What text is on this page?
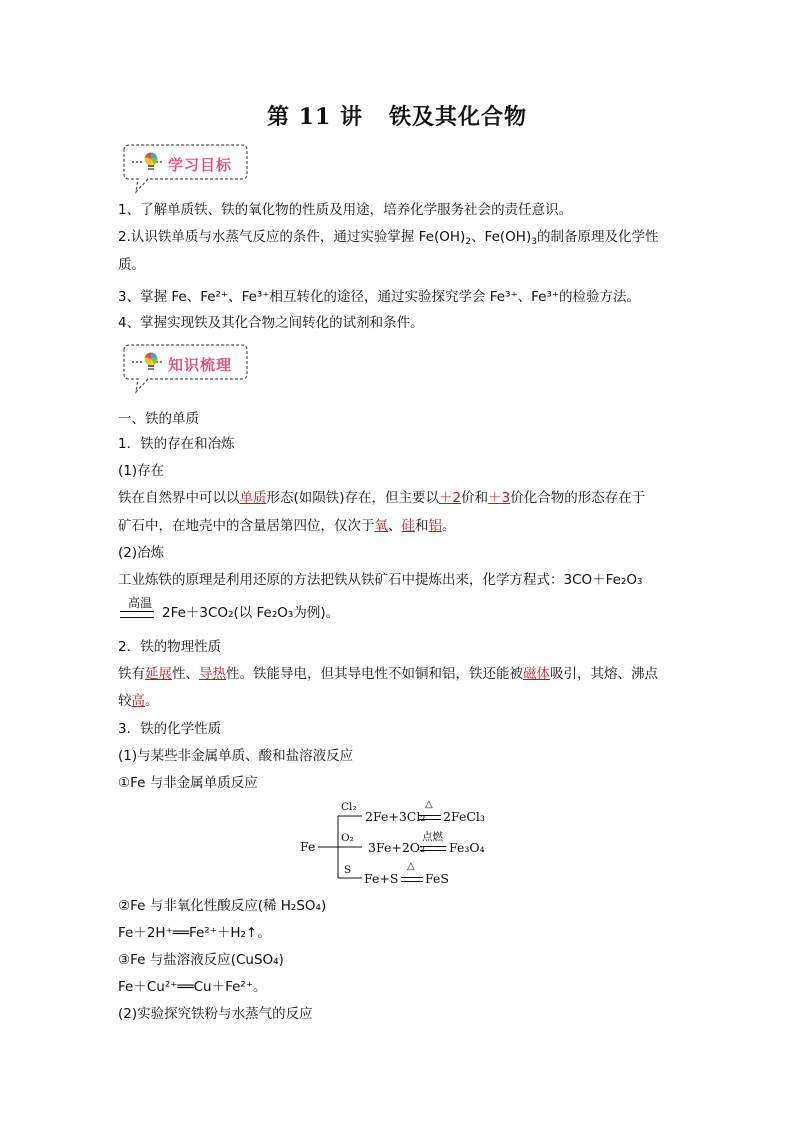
第 11 讲 铁及其化合物
学习目标
1、了解单质铁、铁的氧化物的性质及用途，培养化学服务社会的责任意识。
2.认识铁单质与水蒸气反应的条件，通过实验掌握 $Fe(OH)_2$、$Fe(OH)_3$的制备原理及化学性
质。
3、掌握 Fe、Fe²⁺、Fe³⁺相互转化的途径，通过实验探究学会 Fe³⁺、Fe³⁺的检验方法。
4、掌握实现铁及其化合物之间转化的试剂和条件。
知识梳理
一、铁的单质
1．铁的存在和冶炼
(1)存在
铁在自然界中可以以单质形态(如陨铁)存在，但主要以＋2价和＋3价化合物的形态存在于
矿石中，在地壳中的含量居第四位，仅次于氧、硅和铝。
(2)冶炼
工业炼铁的原理是利用还原的方法把铁从铁矿石中提炼出来，化学方程式：3CO＋Fe₂O₃
高温
2Fe＋3CO₂(以 Fe₂O₃为例)。
2．铁的物理性质
铁有延展性、导热性。铁能导电，但其导电性不如铜和铝，铁还能被磁体吸引，其熔、沸点
较高。
3．铁的化学性质
(1)与某些非金属单质、酸和盐溶液反应
①Fe 与非金属单质反应
Fe
Cl₂
O₂
S
2Fe+3Cl₂
△
2FeCl₃
3Fe+2O₂
点燃
Fe₃O₄
Fe+S
△
FeS
②Fe 与非氧化性酸反应(稀 H₂SO₄)
Fe＋2H⁺══Fe²⁺＋H₂↑。
③Fe 与盐溶液反应(CuSO₄)
Fe＋Cu²⁺══Cu＋Fe²⁺。
(2)实验探究铁粉与水蒸气的反应
